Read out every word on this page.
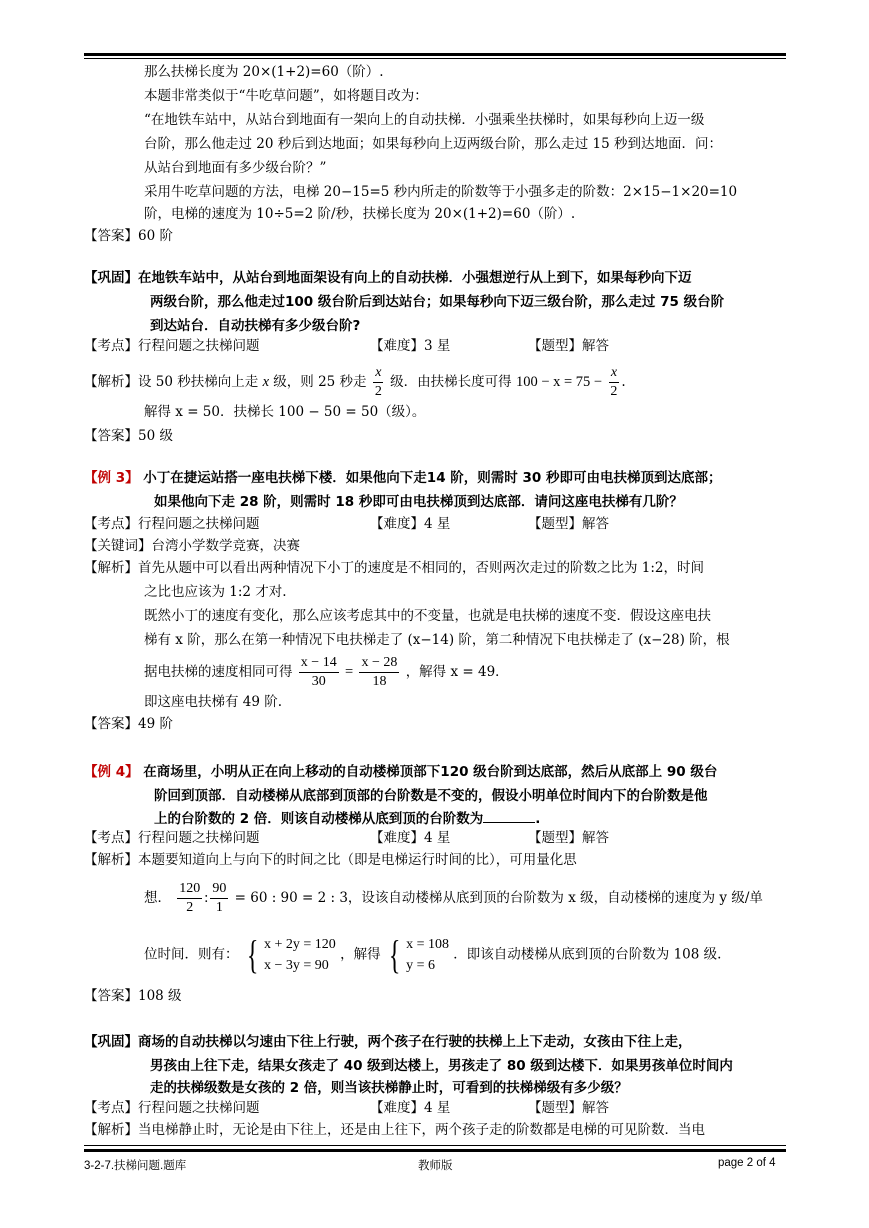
那么扶梯长度为 20×(1+2)=60（阶）.
本题非常类似于“牛吃草问题”，如将题目改为：
“在地铁车站中，从站台到地面有一架向上的自动扶梯．小强乘坐扶梯时，如果每秒向上迈一级
台阶，那么他走过 20 秒后到达地面；如果每秒向上迈两级台阶，那么走过 15 秒到达地面．问：
从站台到地面有多少级台阶？”
采用牛吃草问题的方法，电梯 20−15=5 秒内所走的阶数等于小强多走的阶数：2×15−1×20=10
阶，电梯的速度为 10÷5=2 阶/秒，扶梯长度为 20×(1+2)=60（阶）.
【答案】60 阶
【巩固】在地铁车站中，从站台到地面架设有向上的自动扶梯．小强想逆行从上到下，如果每秒向下迈
两级台阶，那么他走过100 级台阶后到达站台；如果每秒向下迈三级台阶，那么走过 75 级台阶
到达站台．自动扶梯有多少级台阶?
【考点】行程问题之扶梯问题	【难度】3 星	【题型】解答
【解析】设 50 秒扶梯向上走 x 级，则 25 秒走 $\frac{x}{2}$ 级．由扶梯长度可得 $100 - x = 75 - \frac{x}{2}$ .
解得 x = 50．扶梯长 100 − 50 = 50（级）。
【答案】50 级
【例 3】 小丁在捷运站搭一座电扶梯下楼．如果他向下走14 阶，则需时 30 秒即可由电扶梯顶到达底部；
如果他向下走 28 阶，则需时 18 秒即可由电扶梯顶到达底部．请问这座电扶梯有几阶？
【考点】行程问题之扶梯问题	【难度】4 星	【题型】解答
【关键词】台湾小学数学竞赛，决赛
【解析】首先从题中可以看出两种情况下小丁的速度是不相同的，否则两次走过的阶数之比为 1:2，时间
之比也应该为 1:2 才对.
既然小丁的速度有变化，那么应该考虑其中的不变量，也就是电扶梯的速度不变．假设这座电扶
梯有 x 阶，那么在第一种情况下电扶梯走了 (x−14) 阶，第二种情况下电扶梯走了 (x−28) 阶，根
据电扶梯的速度相同可得 $\frac{x - 14}{30} = \frac{x - 28}{18}$ ，解得 x = 49．
即这座电扶梯有 49 阶.
【答案】49 阶
【例 4】 在商场里，小明从正在向上移动的自动楼梯顶部下120 级台阶到达底部，然后从底部上 90 级台
阶回到顶部．自动楼梯从底部到顶部的台阶数是不变的，假设小明单位时间内下的台阶数是他
上的台阶数的 2 倍．则该自动楼梯从底到顶的台阶数为	.
【考点】行程问题之扶梯问题	【难度】4 星	【题型】解答
【解析】本题要知道向上与向下的时间之比（即是电梯运行时间的比），可用量化思
想． $\frac{120}{2}$ : $\frac{90}{1} = 60$ : 90 = 2 : 3，设该自动楼梯从底到顶的台阶数为 x 级，自动楼梯的速度为 y 级/单
位时间．则有： { x + 2y = 120
x − 3y = 90
，解得 { x = 108
y = 6
．即该自动楼梯从底到顶的台阶数为 108 级.
【答案】108 级
【巩固】商场的自动扶梯以匀速由下往上行驶，两个孩子在行驶的扶梯上上下走动，女孩由下往上走，
男孩由上往下走，结果女孩走了 40 级到达楼上，男孩走了 80 级到达楼下．如果男孩单位时间内
走的扶梯级数是女孩的 2 倍，则当该扶梯静止时，可看到的扶梯梯级有多少级？
【考点】行程问题之扶梯问题	【难度】4 星	【题型】解答
【解析】当电梯静止时，无论是由下往上，还是由上往下，两个孩子走的阶数都是电梯的可见阶数．当电
3-2-7.扶梯问题.题库	教师版	page 2 of 4
